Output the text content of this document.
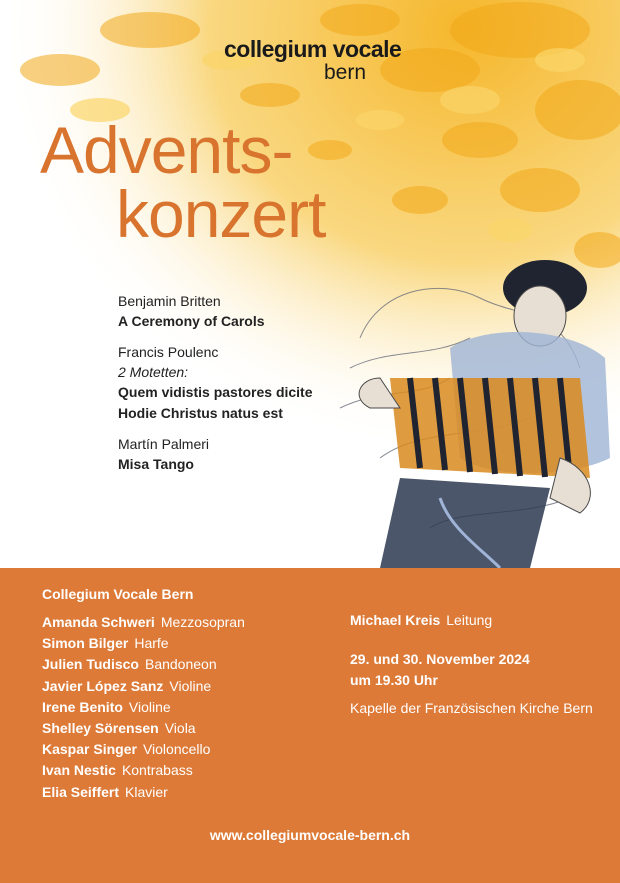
collegium vocale
bern
Advents-
konzert
Benjamin Britten
A Ceremony of Carols
Francis Poulenc
2 Motetten:
Quem vidistis pastores dicite
Hodie Christus natus est
Martín Palmeri
Misa Tango
Collegium Vocale Bern
Amanda Schweri Mezzosopran
Simon Bilger Harfe
Julien Tudisco Bandoneon
Javier López Sanz Violine
Irene Benito Violine
Shelley Sörensen Viola
Kaspar Singer Violoncello
Ivan Nestic Kontrabass
Elia Seiffert Klavier
Michael Kreis Leitung
29. und 30. November 2024
um 19.30 Uhr
Kapelle der Französischen Kirche Bern
www.collegiumvocale-bern.ch
